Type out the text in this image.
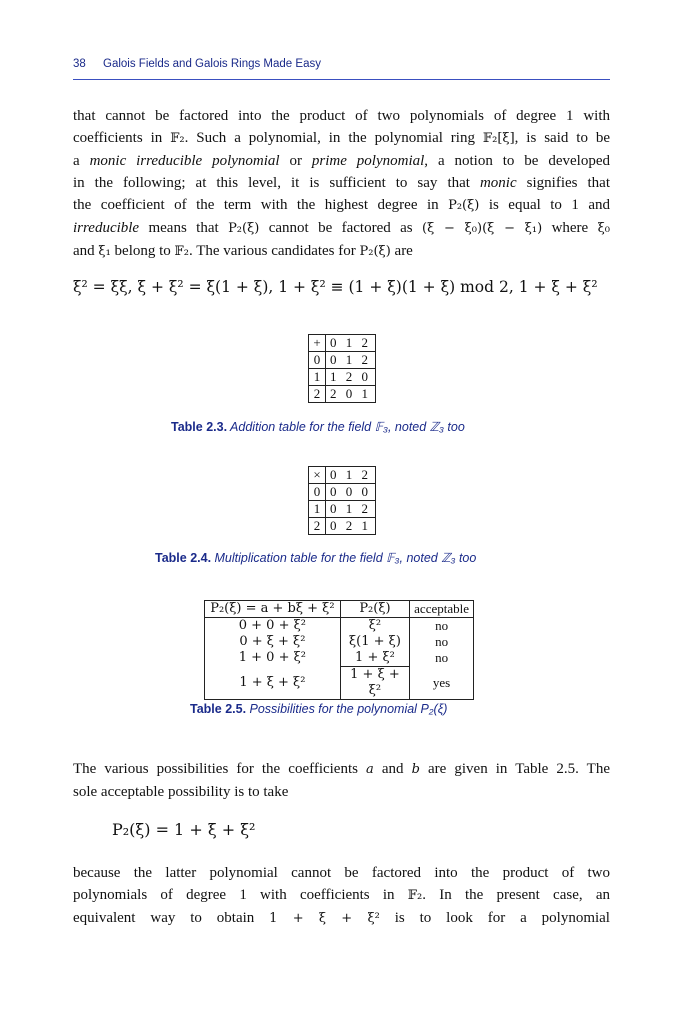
38 Galois Fields and Galois Rings Made Easy
that cannot be factored into the product of two polynomials of degree 1 with
coefficients in 𝔽₂. Such a polynomial, in the polynomial ring 𝔽₂[ξ], is said to be
a monic irreducible polynomial or prime polynomial, a notion to be developed
in the following; at this level, it is sufficient to say that monic signifies that
the coefficient of the term with the highest degree in P₂(ξ) is equal to 1 and
irreducible means that P₂(ξ) cannot be factored as (ξ − ξ₀)(ξ − ξ₁) where ξ₀
and ξ₁ belong to 𝔽₂. The various candidates for P₂(ξ) are
ξ² = ξξ, ξ + ξ² = ξ(1 + ξ), 1 + ξ² ≡ (1 + ξ)(1 + ξ) mod 2, 1 + ξ + ξ²
+	0 1 2
0	0 1 2
1	1 2 0
2	2 0 1
Table 2.3. Addition table for the field 𝔽₃, noted ℤ₃ too
×	0 1 2
0	0 0 0
1	0 1 2
2	0 2 1
Table 2.4. Multiplication table for the field 𝔽₃, noted ℤ₃ too
P₂(ξ) = a + bξ + ξ²	P₂(ξ)	acceptable
0 + 0 + ξ²	ξ²	no
0 + ξ + ξ²	ξ(1 + ξ)	no
1 + 0 + ξ²	1 + ξ²	no
1 + ξ + ξ²	1 + ξ + ξ²	yes
Table 2.5. Possibilities for the polynomial P₂(ξ)
The various possibilities for the coefficients a and b are given in Table 2.5. The
sole acceptable possibility is to take
P₂(ξ) = 1 + ξ + ξ²
because the latter polynomial cannot be factored into the product of two
polynomials of degree 1 with coefficients in 𝔽₂. In the present case, an
equivalent way to obtain 1 + ξ + ξ² is to look for a polynomial
